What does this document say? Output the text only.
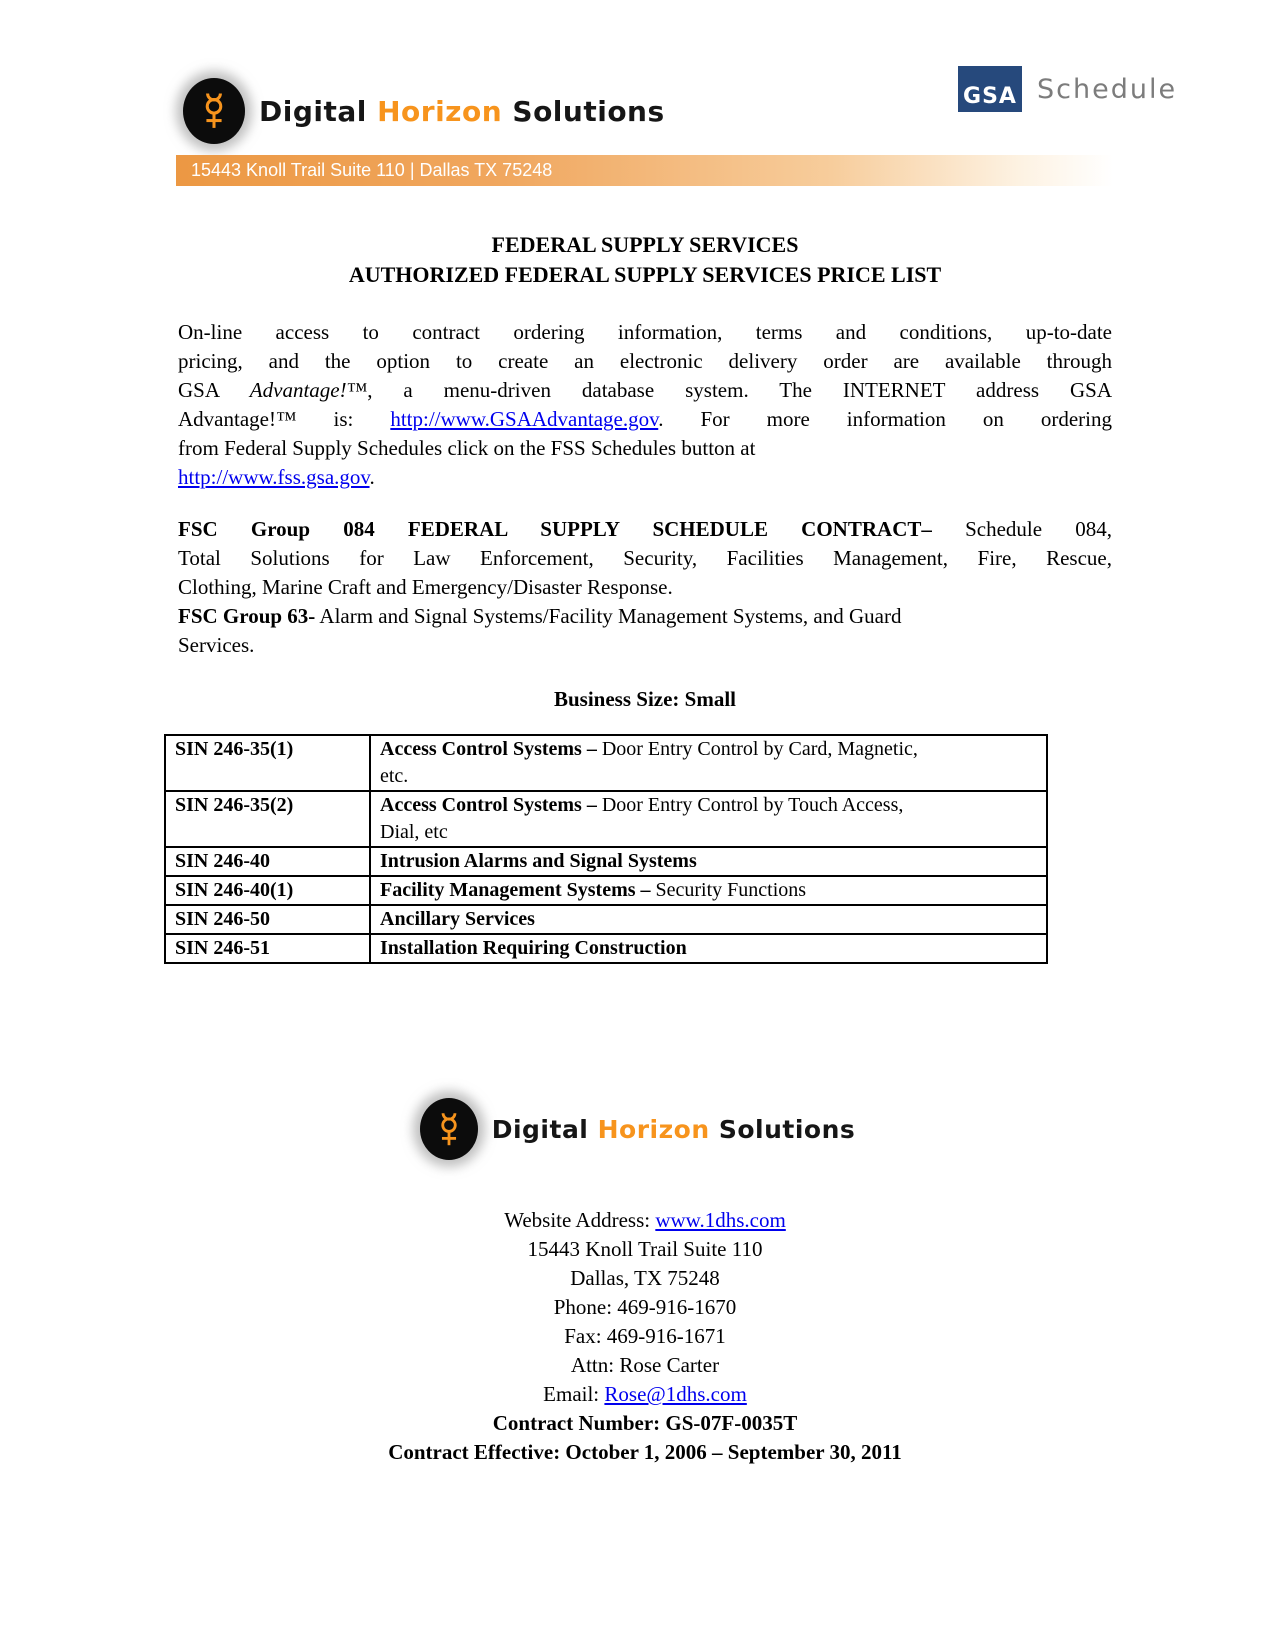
Digital Horizon Solutions	GSA Schedule
15443 Knoll Trail Suite 110 | Dallas TX 75248
FEDERAL SUPPLY SERVICES
AUTHORIZED FEDERAL SUPPLY SERVICES PRICE LIST
On-line access to contract ordering information, terms and conditions, up-to-date
pricing, and the option to create an electronic delivery order are available through
GSA Advantage!™, a menu-driven database system. The INTERNET address GSA
Advantage!™ is: http://www.GSAAdvantage.gov. For more information on ordering
from Federal Supply Schedules click on the FSS Schedules button at
http://www.fss.gsa.gov.
FSC Group 084 FEDERAL SUPPLY SCHEDULE CONTRACT– Schedule 084,
Total Solutions for Law Enforcement, Security, Facilities Management, Fire, Rescue,
Clothing, Marine Craft and Emergency/Disaster Response.
FSC Group 63- Alarm and Signal Systems/Facility Management Systems, and Guard
Services.
Business Size: Small
SIN 246-35(1)	Access Control Systems – Door Entry Control by Card, Magnetic,
etc.

SIN 246-35(2)	Access Control Systems – Door Entry Control by Touch Access,
Dial, etc

SIN 246-40	Intrusion Alarms and Signal Systems
SIN 246-40(1)	Facility Management Systems – Security Functions
SIN 246-50	Ancillary Services
SIN 246-51	Installation Requiring Construction
Digital Horizon Solutions
Website Address: www.1dhs.com
15443 Knoll Trail Suite 110
Dallas, TX 75248
Phone: 469-916-1670
Fax: 469-916-1671
Attn: Rose Carter
Email: Rose@1dhs.com
Contract Number: GS-07F-0035T
Contract Effective: October 1, 2006 – September 30, 2011
